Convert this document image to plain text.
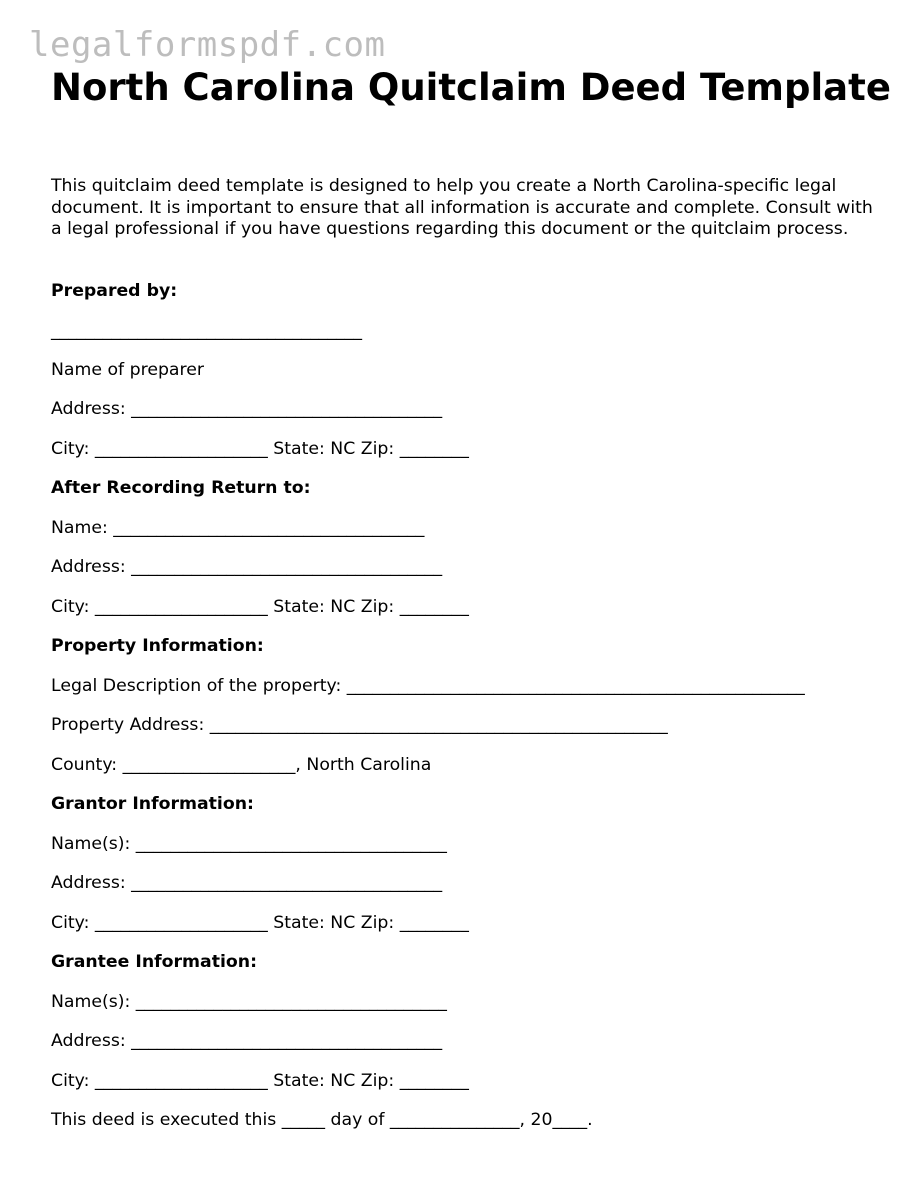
legalformspdf.com
North Carolina Quitclaim Deed Template

This quitclaim deed template is designed to help you create a North Carolina-specific legal document. It is important to ensure that all information is accurate and complete. Consult with a legal professional if you have questions regarding this document or the quitclaim process.

Prepared by:
____________________________________
Name of preparer
Address: ____________________________________
City: ____________________ State: NC Zip: ________
After Recording Return to:
Name: ____________________________________
Address: ____________________________________
City: ____________________ State: NC Zip: ________
Property Information:
Legal Description of the property: _____________________________________________________
Property Address: _____________________________________________________
County: ____________________, North Carolina
Grantor Information:
Name(s): ____________________________________
Address: ____________________________________
City: ____________________ State: NC Zip: ________
Grantee Information:
Name(s): ____________________________________
Address: ____________________________________
City: ____________________ State: NC Zip: ________
This deed is executed this _____ day of _______________, 20____.
